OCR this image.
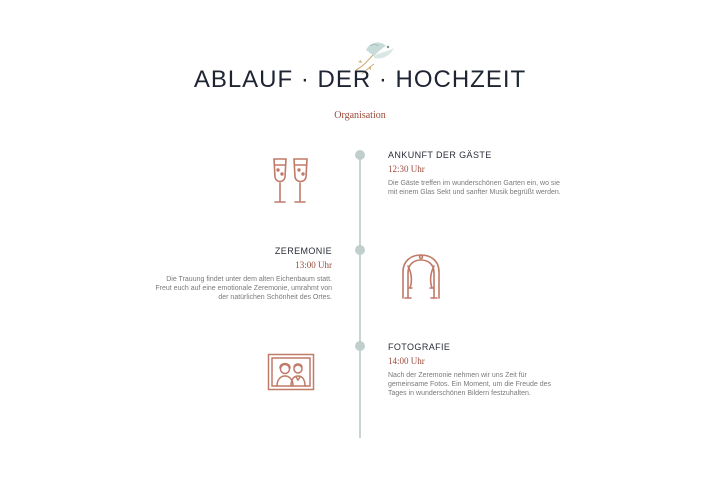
ABLAUF · DER · HOCHZEIT
Organisation
ANKUNFT DER GÄSTE
12:30 Uhr
Die Gäste treffen im wunderschönen Garten ein, wo sie mit einem Glas Sekt und sanfter Musik begrüßt werden.
ZEREMONIE
13:00 Uhr
Die Trauung findet unter dem alten Eichenbaum statt. Freut euch auf eine emotionale Zeremonie, umrahmt von der natürlichen Schönheit des Ortes.
FOTOGRAFIE
14:00 Uhr
Nach der Zeremonie nehmen wir uns Zeit für gemeinsame Fotos. Ein Moment, um die Freude des Tages in wunderschönen Bildern festzuhalten.
